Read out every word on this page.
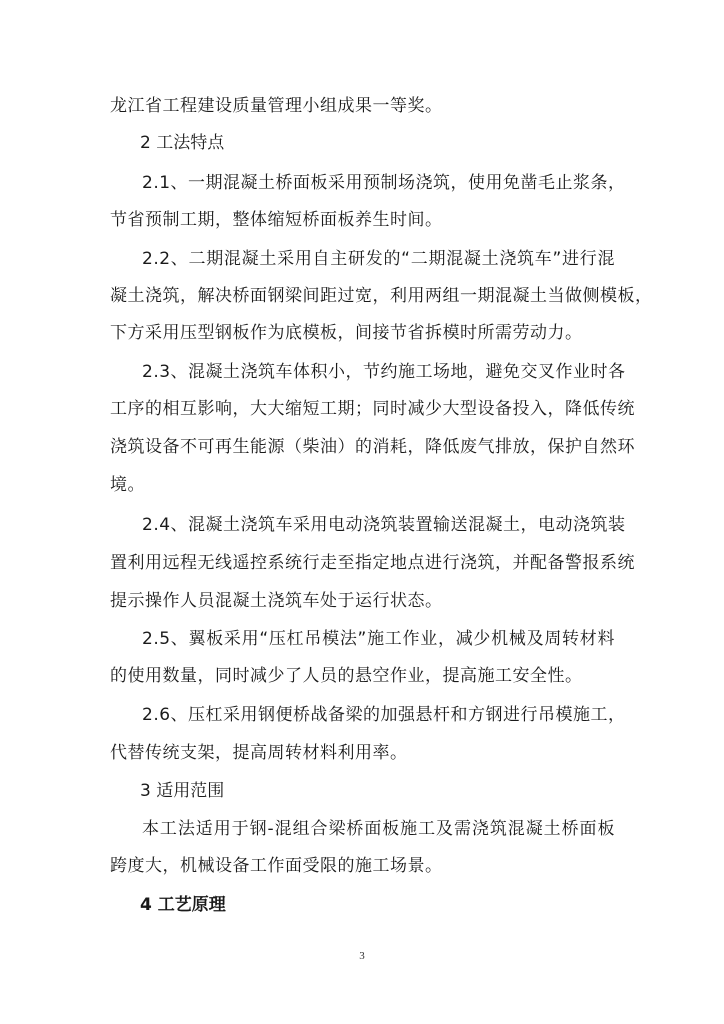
龙江省工程建设质量管理小组成果一等奖。
2 工法特点
2.1、一期混凝土桥面板采用预制场浇筑，使用免凿毛止浆条，
节省预制工期，整体缩短桥面板养生时间。
2.2、二期混凝土采用自主研发的“二期混凝土浇筑车”进行混
凝土浇筑，解决桥面钢梁间距过宽，利用两组一期混凝土当做侧模板，
下方采用压型钢板作为底模板，间接节省拆模时所需劳动力。
2.3、混凝土浇筑车体积小，节约施工场地，避免交叉作业时各
工序的相互影响，大大缩短工期；同时减少大型设备投入，降低传统
浇筑设备不可再生能源（柴油）的消耗，降低废气排放，保护自然环
境。
2.4、混凝土浇筑车采用电动浇筑装置输送混凝土，电动浇筑装
置利用远程无线遥控系统行走至指定地点进行浇筑，并配备警报系统
提示操作人员混凝土浇筑车处于运行状态。
2.5、翼板采用“压杠吊模法”施工作业，减少机械及周转材料
的使用数量，同时减少了人员的悬空作业，提高施工安全性。
2.6、压杠采用钢便桥战备梁的加强悬杆和方钢进行吊模施工，
代替传统支架，提高周转材料利用率。
3 适用范围
本工法适用于钢-混组合梁桥面板施工及需浇筑混凝土桥面板
跨度大，机械设备工作面受限的施工场景。
4 工艺原理
3
